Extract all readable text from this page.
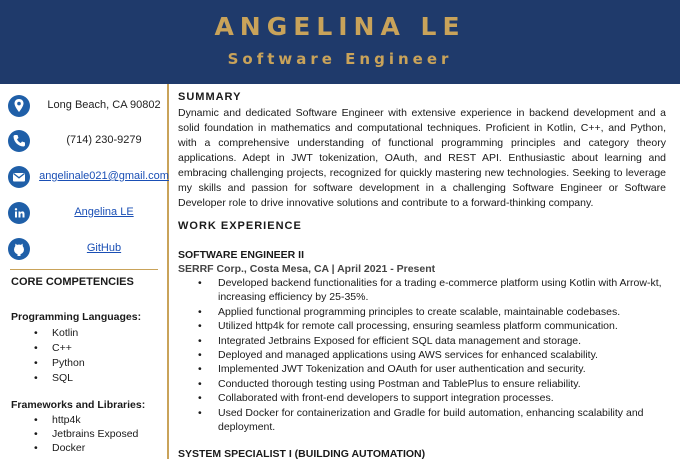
ANGELINA LE
Software Engineer
Long Beach, CA 90802
(714) 230-9279
angelinale021@gmail.com
Angelina LE
GitHub
CORE COMPETENCIES
Programming Languages:
• Kotlin
• C++
• Python
• SQL
Frameworks and Libraries:
• http4k
• Jetbrains Exposed
• Docker
SUMMARY
Dynamic and dedicated Software Engineer with extensive experience in backend development and a solid foundation in mathematics and computational techniques. Proficient in Kotlin, C++, and Python, with a comprehensive understanding of functional programming principles and category theory applications. Adept in JWT tokenization, OAuth, and REST API. Enthusiastic about learning and embracing challenging projects, recognized for quickly mastering new technologies. Seeking to leverage my skills and passion for software development in a challenging Software Engineer or Software Developer role to drive innovative solutions and contribute to a forward-thinking company.
WORK EXPERIENCE
SOFTWARE ENGINEER II
SERRF Corp., Costa Mesa, CA | April 2021 - Present
• Developed backend functionalities for a trading e-commerce platform using Kotlin with Arrow-kt, increasing efficiency by 25-35%.
• Applied functional programming principles to create scalable, maintainable codebases.
• Utilized http4k for remote call processing, ensuring seamless platform communication.
• Integrated Jetbrains Exposed for efficient SQL data management and storage.
• Deployed and managed applications using AWS services for enhanced scalability.
• Implemented JWT Tokenization and OAuth for user authentication and security.
• Conducted thorough testing using Postman and TablePlus to ensure reliability.
• Collaborated with front-end developers to support integration processes.
• Used Docker for containerization and Gradle for build automation, enhancing scalability and deployment.
SYSTEM SPECIALIST I (BUILDING AUTOMATION)
